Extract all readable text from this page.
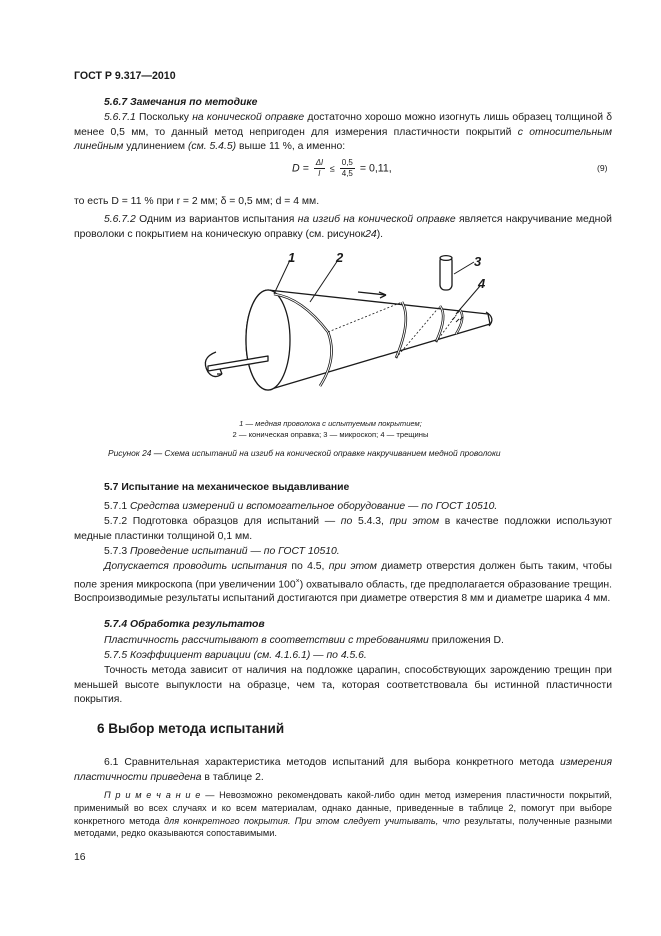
ГОСТ Р 9.317—2010
5.6.7 Замечания по методике
5.6.7.1 Поскольку на конической оправке достаточно хорошо можно изогнуть лишь образец толщиной δ менее 0,5 мм, то данный метод непригоден для измерения пластичности покрытий с относительным линейным удлинением (см. 5.4.5) выше 11 %, а именно:
$D = \frac{\Delta l}{l} \le \frac{0,5}{4,5} = 0,11$,	(9)
то есть D = 11 % при r = 2 мм; δ = 0,5 мм; d = 4 мм.
5.6.7.2 Одним из вариантов испытания на изгиб на конической оправке является накручивание медной проволоки с покрытием на коническую оправку (см. рисунок24).
1	2	3
4
1 — медная проволока с испытуемым покрытием;
2 — коническая оправка; 3 — микроскоп; 4 — трещины
Рисунок 24 — Схема испытаний на изгиб на конической оправке накручиванием медной проволоки
5.7 Испытание на механическое выдавливание
5.7.1 Средства измерений и вспомогательное оборудование — по ГОСТ 10510.
5.7.2 Подготовка образцов для испытаний — по 5.4.3, при этом в качестве подложки используют медные пластинки толщиной 0,1 мм.
5.7.3 Проведение испытаний — по ГОСТ 10510.
Допускается проводить испытания по 4.5, при этом диаметр отверстия должен быть таким, чтобы поле зрения микроскопа (при увеличении 100×) охватывало область, где предполагается образование трещин. Воспроизводимые результаты испытаний достигаются при диаметре отверстия 8 мм и диаметре шарика 4 мм.
5.7.4 Обработка результатов
Пластичность рассчитывают в соответствии с требованиями приложения D.
5.7.5 Коэффициент вариации (см. 4.1.6.1) — по 4.5.6.
Точность метода зависит от наличия на подложке царапин, способствующих зарождению трещин при меньшей высоте выпуклости на образце, чем та, которая соответствовала бы истинной пластичности покрытия.
6 Выбор метода испытаний
6.1 Сравнительная характеристика методов испытаний для выбора конкретного метода измерения пластичности приведена в таблице 2.
П р и м е ч а н и е — Невозможно рекомендовать какой-либо один метод измерения пластичности покрытий, применимый во всех случаях и ко всем материалам, однако данные, приведенные в таблице 2, помогут при выборе конкретного метода для конкретного покрытия. При этом следует учитывать, что результаты, полученные разными методами, редко оказываются сопоставимыми.
16
